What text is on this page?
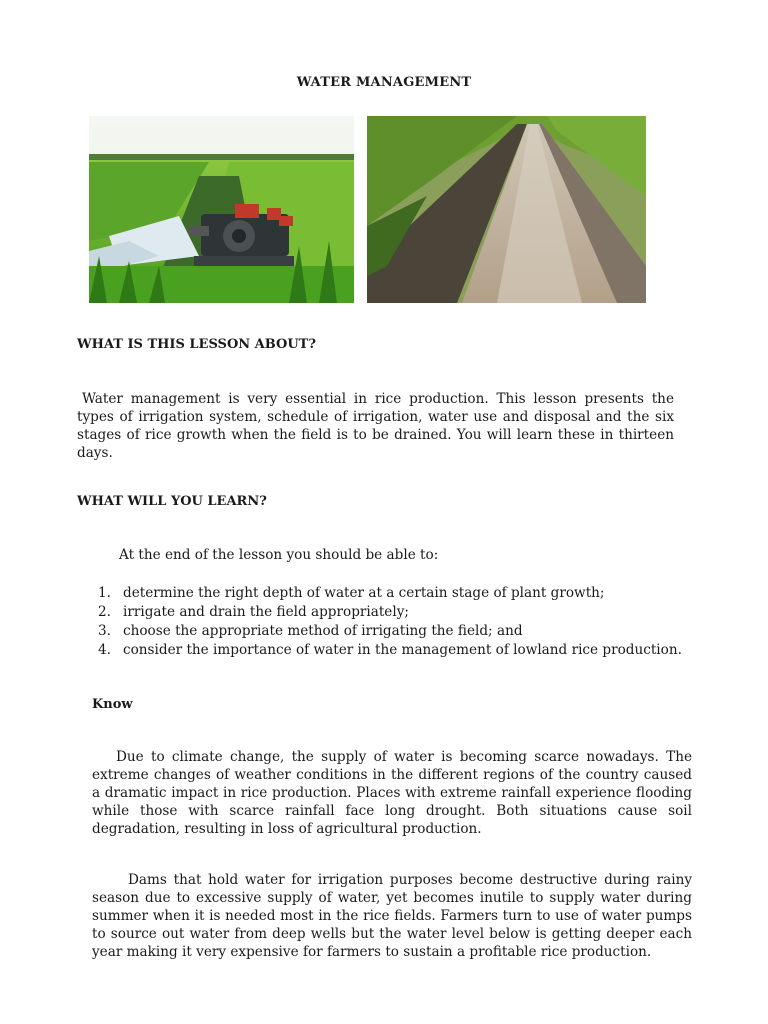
WATER MANAGEMENT
WHAT IS THIS LESSON ABOUT?

Water management is very essential in rice production. This lesson presents the types of irrigation system, schedule of irrigation, water use and disposal and the six stages of rice growth when the field is to be drained. You will learn these in thirteen days.

WHAT WILL YOU LEARN?

At the end of the lesson you should be able to:

1. determine the right depth of water at a certain stage of plant growth;
2. irrigate and drain the field appropriately;
3. choose the appropriate method of irrigating the field; and
4. consider the importance of water in the management of lowland rice production.
Know

Due to climate change, the supply of water is becoming scarce nowadays. The extreme changes of weather conditions in the different regions of the country caused a dramatic impact in rice production. Places with extreme rainfall experience flooding while those with scarce rainfall face long drought. Both situations cause soil degradation, resulting in loss of agricultural production.

Dams that hold water for irrigation purposes become destructive during rainy season due to excessive supply of water, yet becomes inutile to supply water during summer when it is needed most in the rice fields. Farmers turn to use of water pumps to source out water from deep wells but the water level below is getting deeper each year making it very expensive for farmers to sustain a profitable rice production.
